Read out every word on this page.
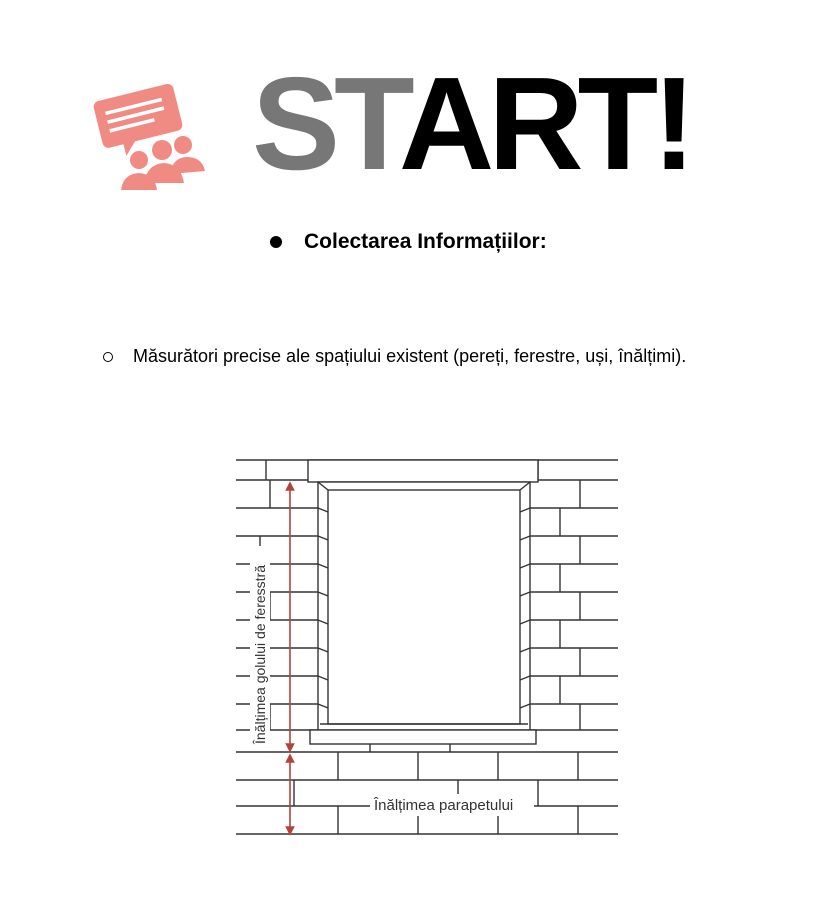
START!
Colectarea Informațiilor:
Măsurători precise ale spațiului existent (pereți, ferestre, uși, înălțimi).
Înălțimea parapetului
Înălțimea golului de feresstră
